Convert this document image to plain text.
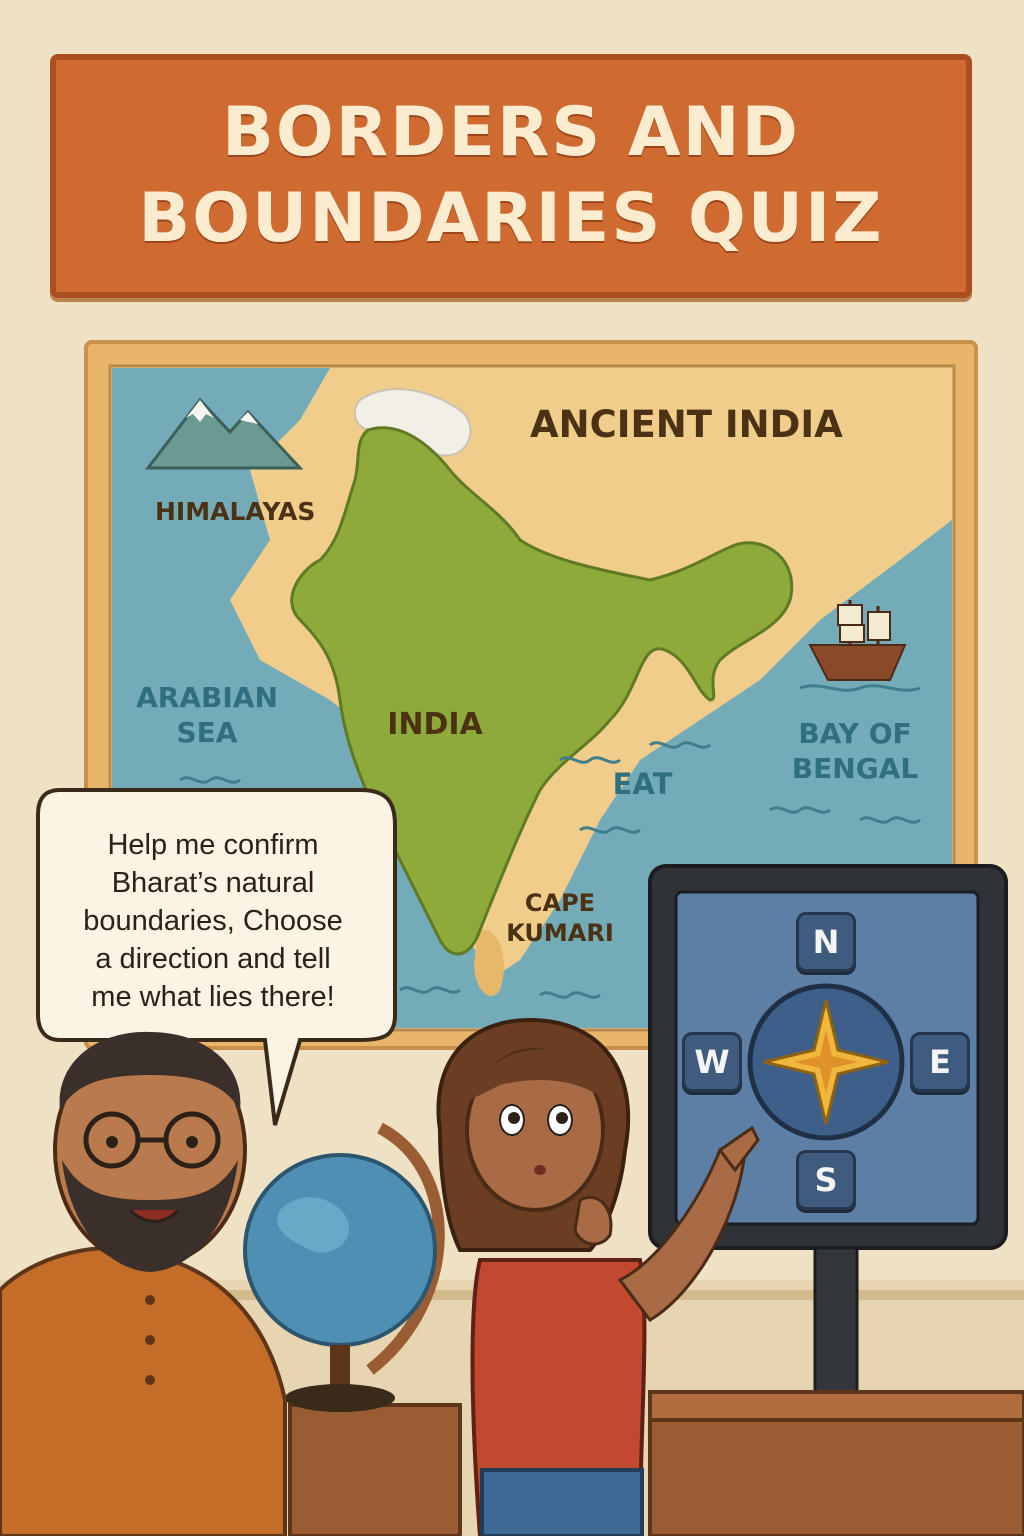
BORDERS AND
BOUNDARIES QUIZ
ANCIENT INDIA
HIMALAYAS
ARABIAN
SEA	INDIA
EAT
BAY OF
BENGAL
CAPE
KUMARI
Help me confirm
Bharat’s natural
boundaries, Choose
a direction and tell
me what lies there!
N
W	E
S
